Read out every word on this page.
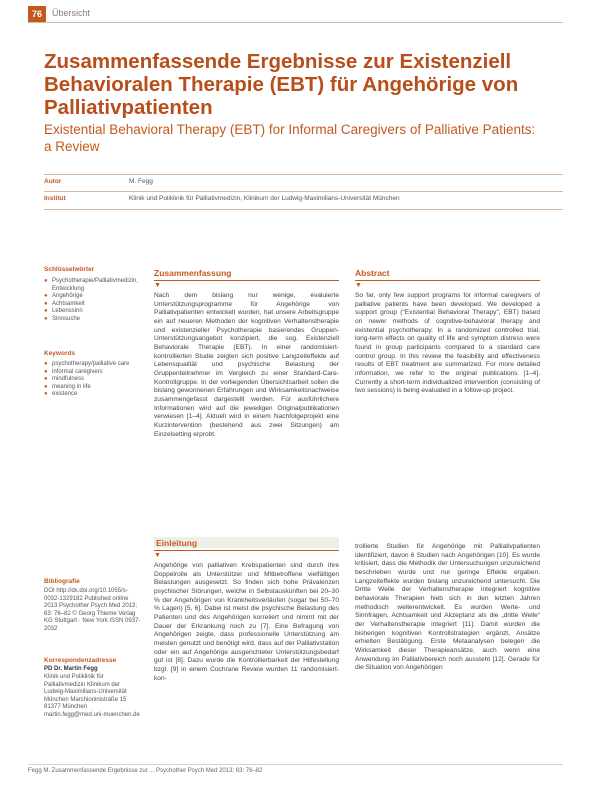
76	Übersicht
Zusammenfassende Ergebnisse zur Existenziell Behavioralen Therapie (EBT) für Angehörige von Palliativpatienten
Existential Behavioral Therapy (EBT) for Informal Caregivers of Palliative Patients: a Review
Autor	M. Fegg
Institut	Klinik und Poliklinik für Palliativmedizin, Klinikum der Ludwig-Maximilians-Universität München
Schlüsselwörter
● Psychotherapie/Palliativmedizin, Entwicklung
● Angehörige
● Achtsamkeit
● Lebenssinn
● Sinnsuche
Keywords
● psychotherapy/palliative care
● informal caregivers
● mindfulness
● meaning in life
● existence
Bibliografie
DOI http://dx.doi.org/10.1055/s-0032-1329182 Published online 2013 Psychother Psych Med 2013; 63: 76–82 © Georg Thieme Verlag KG Stuttgart · New York ISSN 0937-2032
Korrespondenzadresse
PD Dr. Martin Fegg
Klinik und Poliklinik für Palliativmedizin Klinikum der Ludwig-Maximilians-Universität München Marchioninistraße 15 81377 München martin.fegg@med.uni-muenchen.de
Zusammenfassung
▼
Nach dem bislang nur wenige, evaluierte Unterstützungsprogramme für Angehörige von Palliativpatienten entwickelt wurden, hat unsere Arbeitsgruppe ein auf neueren Methoden der kognitiven Verhaltenstherapie und existenzieller Psychotherapie basierendes Gruppen-Unterstützungsangebot konzipiert, die sog. Existenziell Behaviorale Therapie (EBT). In einer randomisiert-kontrollierten Studie zeigten sich positive Langzeiteffekte auf Lebensqualität und psychische Belastung der Gruppenteilnehmer im Vergleich zu einer Standard-Care-Kontrollgruppe. In der vorliegenden Übersichtsarbeit sollen die bislang gewonnenen Erfahrungen und Wirksamkeitsnachweise zusammengefasst dargestellt werden. Für ausführlichere Informationen wird auf die jeweiligen Originalpublikationen verwiesen [1–4]. Aktuell wird in einem Nachfolgeprojekt eine Kurzintervention (bestehend aus zwei Sitzungen) am Einzelsetting erprobt.
Abstract
▼
So far, only few support programs for informal caregivers of palliative patients have been developed. We developed a support group ("Existential Behavioral Therapy", EBT) based on newer methods of cognitive-behavioral therapy and existential psychotherapy. In a randomized controlled trial, long-term effects on quality of life and symptom distress were found in group participants compared to a standard care control group. In this review the feasibility and effectiveness results of EBT treatment are summarized. For more detailed information, we refer to the original publications [1–4]. Currently a short-term individualized intervention (consisting of two sessions) is being evaluated in a follow-up project.
Einleitung
▼
Angehörige von palliativen Krebspatienten sind durch ihre Doppelrolle als Unterstützer und Mitbetroffene vielfältigen Belastungen ausgesetzt. So finden sich hohe Prävalenzen psychischer Störungen, welche in Selbstauskünften bei 20–30 % der Angehörigen von Krankheitsverläufen (sogar bei 50–70 % Lagen) [5, 6]. Dabei ist meist die psychische Belastung des Patienten und des Angehörigen korreliert und nimmt mit der Dauer der Erkrankung noch zu [7]. Eine Befragung von Angehörigen zeigte, dass professionelle Unterstützung am meisten genutzt und benötigt wird, dass auf der Palliativstation oder ein auf Angehörige ausgerichteter Unterstützungsbedarf gut ist [8]. Dazu wurde die Kontrollierbarkeit der Hilfestellung bzgl. [9] in einem Cochrane Review wurden 11 randomisiert-kon-
trollierte Studien für Angehörige mit Palliativpatienten identifiziert, davon 6 Studien nach Angehörigen [10]. Es wurde kritisiert, dass die Methodik der Untersuchungen unzureichend beschrieben wurde und nur geringe Effekte ergaben. Langzeiteffekte wurden bislang unzureichend untersucht. Die Dritte Welle der Verhaltenstherapie integriert kognitive behaviorale Therapien hieb sich in den letzten Jahren methodisch weiterentwickelt. Es wurden Werte- und Sinnfragen, Achtsamkeit und Akzeptanz als die „dritte Welle“ der Verhaltenstherapie integriert [11]. Damit wurden die bisherigen kognitiven Kontrollstrategien ergänzt, Ansätze erhielten Bestätigung. Erste Metaanalysen belegen die Wirksamkeit dieser Therapieansätze, auch wenn eine Anwendung im Palliativbereich noch aussteht [12]. Gerade für die Situation von Angehörigen
Fegg M. Zusammenfassende Ergebnisse zur ... Psychother Psych Med 2013; 63: 76–82
